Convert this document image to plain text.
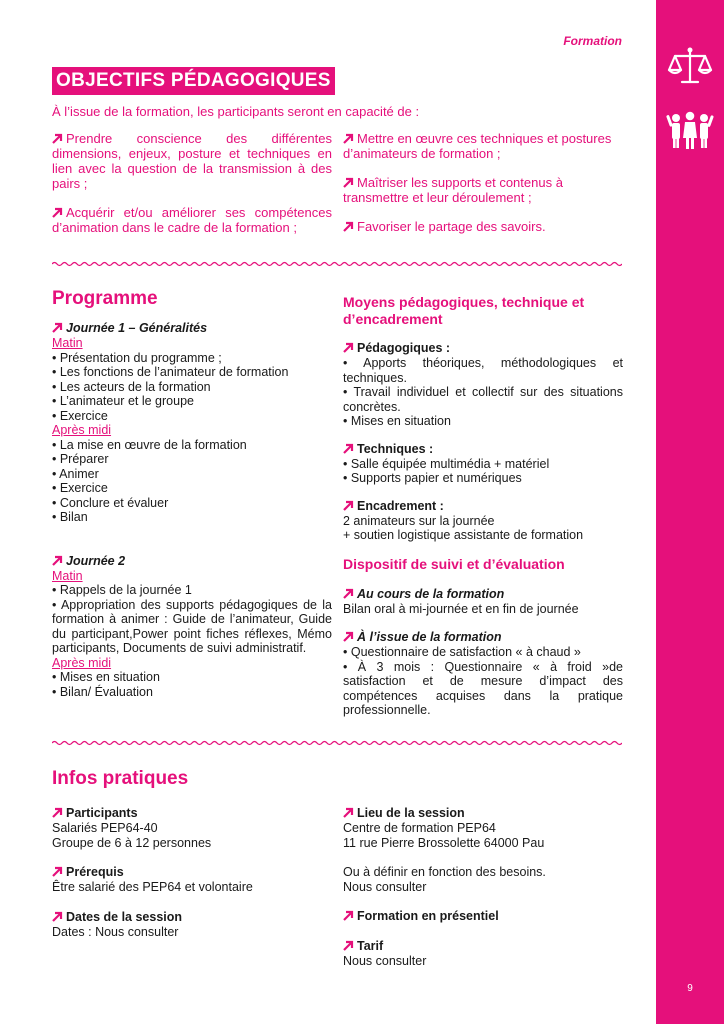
9
Formation
OBJECTIFS PÉDAGOGIQUES
À l’issue de la formation, les participants seront en capacité de :

Prendre conscience des différentes dimensions, enjeux, posture et techniques en lien avec la question de la transmission à des pairs ;

Acquérir et/ou améliorer ses compétences d’animation dans le cadre de la formation ;

Mettre en œuvre ces techniques et postures d’animateurs de formation ;

Maîtriser les supports et contenus à transmettre et leur déroulement ;

Favoriser le partage des savoirs.

Programme

Journée 1 – Généralités

Matin
• Présentation du programme ;
• Les fonctions de l’animateur de formation
• Les acteurs de la formation
• L’animateur et le groupe
• Exercice
Après midi
• La mise en œuvre de la formation
• Préparer
• Animer
• Exercice
• Conclure et évaluer
• Bilan

Journée 2

Matin
• Rappels de la journée 1
• Appropriation des supports pédagogiques de la formation à animer : Guide de l’animateur, Guide du participant,Power point fiches réflexes, Mémo participants, Documents de suivi administratif.
Après midi
• Mises en situation
• Bilan/ Évaluation

Moyens pédagogiques, technique et d’encadrement

Pédagogiques :

• Apports théoriques, méthodologiques et techniques.
• Travail individuel et collectif sur des situations concrètes.
• Mises en situation

Techniques :

• Salle équipée multimédia + matériel
• Supports papier et numériques

Encadrement :

2 animateurs sur la journée
+ soutien logistique assistante de formation

Dispositif de suivi et d’évaluation

Au cours de la formation

Bilan oral à mi-journée et en fin de journée

À l’issue de la formation

• Questionnaire de satisfaction « à chaud »
• À 3 mois : Questionnaire « à froid »de satisfaction et de mesure d’impact des compétences acquises dans la pratique professionnelle.

Infos pratiques

Participants

Salariés PEP64-40
Groupe de 6 à 12 personnes

Prérequis

Être salarié des PEP64 et volontaire

Dates de la session

Dates : Nous consulter

Lieu de la session

Centre de formation PEP64
11 rue Pierre Brossolette 64000 Pau
Ou à définir en fonction des besoins.
Nous consulter

Formation en présentiel

Tarif

Nous consulter
